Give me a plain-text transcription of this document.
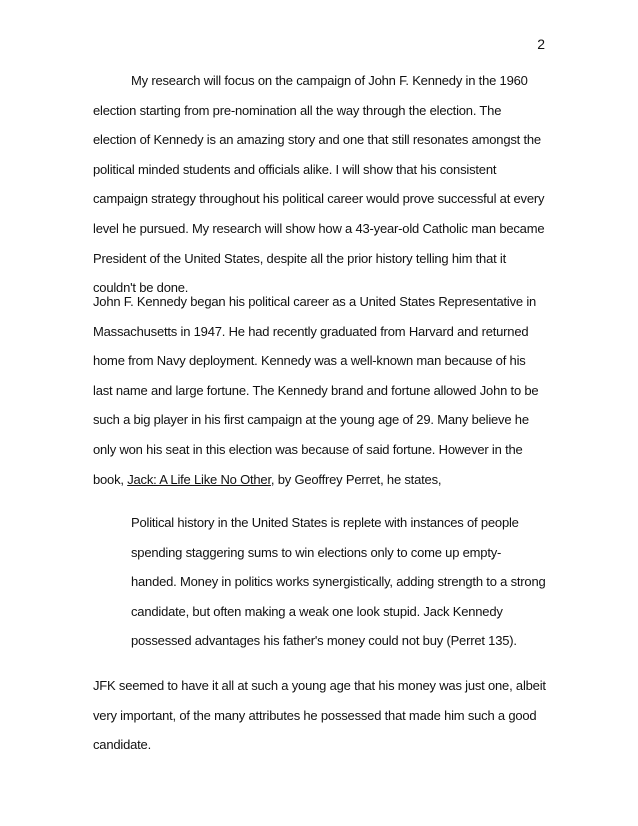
2
My research will focus on the campaign of John F. Kennedy in the 1960 election starting from pre-nomination all the way through the election. The election of Kennedy is an amazing story and one that still resonates amongst the political minded students and officials alike. I will show that his consistent campaign strategy throughout his political career would prove successful at every level he pursued. My research will show how a 43-year-old Catholic man became President of the United States, despite all the prior history telling him that it couldn't be done.
John F. Kennedy began his political career as a United States Representative in Massachusetts in 1947. He had recently graduated from Harvard and returned home from Navy deployment. Kennedy was a well-known man because of his last name and large fortune. The Kennedy brand and fortune allowed John to be such a big player in his first campaign at the young age of 29. Many believe he only won his seat in this election was because of said fortune. However in the book, Jack: A Life Like No Other, by Geoffrey Perret, he states,
Political history in the United States is replete with instances of people spending staggering sums to win elections only to come up empty-handed. Money in politics works synergistically, adding strength to a strong candidate, but often making a weak one look stupid. Jack Kennedy possessed advantages his father's money could not buy (Perret 135).
JFK seemed to have it all at such a young age that his money was just one, albeit very important, of the many attributes he possessed that made him such a good candidate.
